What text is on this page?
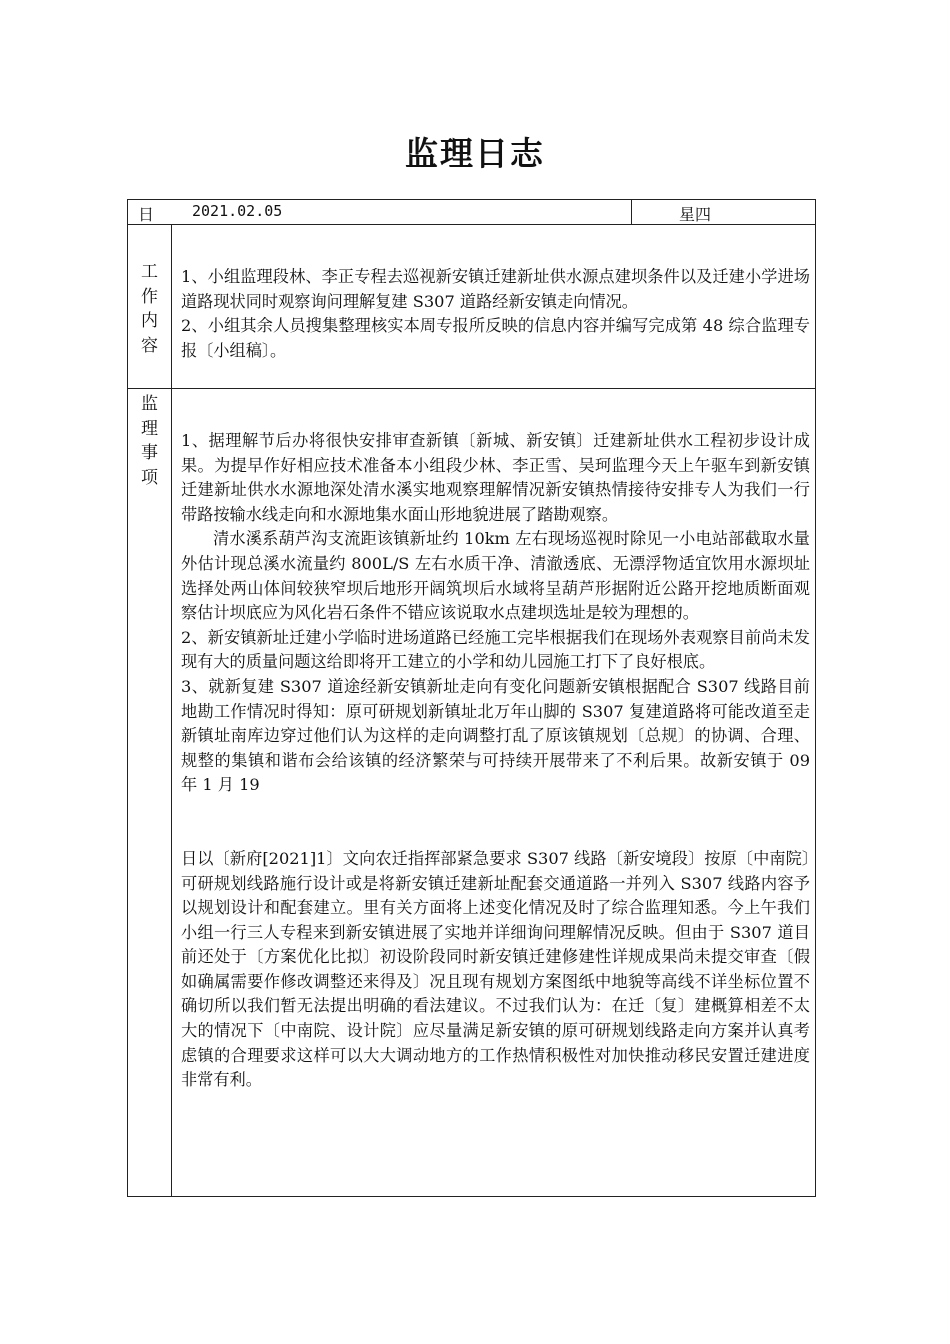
监理日志
日	2021.02.05	星四
工
作
内
容

1、小组监理段林、李正专程去巡视新安镇迁建新址供水源点建坝条件以及迁建小学进场道路现状同时观察询问理解复建 S307 道路经新安镇走向情况。

2、小组其余人员搜集整理核实本周专报所反映的信息内容并编写完成第 48 综合监理专报〔小组稿〕。

监
理
事
项

1、据理解节后办将很快安排审查新镇〔新城、新安镇〕迁建新址供水工程初步设计成果。为提早作好相应技术准备本小组段少林、李正雪、吴珂监理今天上午驱车到新安镇迁建新址供水水源地深处清水溪实地观察理解情况新安镇热情接待安排专人为我们一行带路按输水线走向和水源地集水面山形地貌进展了踏勘观察。

清水溪系葫芦沟支流距该镇新址约 10km 左右现场巡视时除见一小电站部截取水量外估计现总溪水流量约 800L/S 左右水质干净、清澈透底、无漂浮物适宜饮用水源坝址选择处两山体间较狭窄坝后地形开阔筑坝后水域将呈葫芦形据附近公路开挖地质断面观察估计坝底应为风化岩石条件不错应该说取水点建坝选址是较为理想的。

2、新安镇新址迁建小学临时进场道路已经施工完毕根据我们在现场外表观察目前尚未发现有大的质量问题这给即将开工建立的小学和幼儿园施工打下了良好根底。

3、就新复建 S307 道途经新安镇新址走向有变化问题新安镇根据配合 S307 线路目前地勘工作情况时得知：原可研规划新镇址北万年山脚的 S307 复建道路将可能改道至走新镇址南库边穿过他们认为这样的走向调整打乱了原该镇规划〔总规〕的协调、合理、规整的集镇和谐布会给该镇的经济繁荣与可持续开展带来了不利后果。故新安镇于 09 年 1 月 19

日以〔新府[2021]1〕文向农迁指挥部紧急要求 S307 线路〔新安境段〕按原〔中南院〕可研规划线路施行设计或是将新安镇迁建新址配套交通道路一并列入 S307 线路内容予以规划设计和配套建立。里有关方面将上述变化情况及时了综合监理知悉。今上午我们小组一行三人专程来到新安镇进展了实地并详细询问理解情况反映。但由于 S307 道目前还处于〔方案优化比拟〕初设阶段同时新安镇迁建修建性详规成果尚未提交审查〔假如确属需要作修改调整还来得及〕况且现有规划方案图纸中地貌等高线不详坐标位置不确切所以我们暂无法提出明确的看法建议。不过我们认为：在迁〔复〕建概算相差不太大的情况下〔中南院、设计院〕应尽量满足新安镇的原可研规划线路走向方案并认真考虑镇的合理要求这样可以大大调动地方的工作热情积极性对加快推动移民安置迁建进度非常有利。
